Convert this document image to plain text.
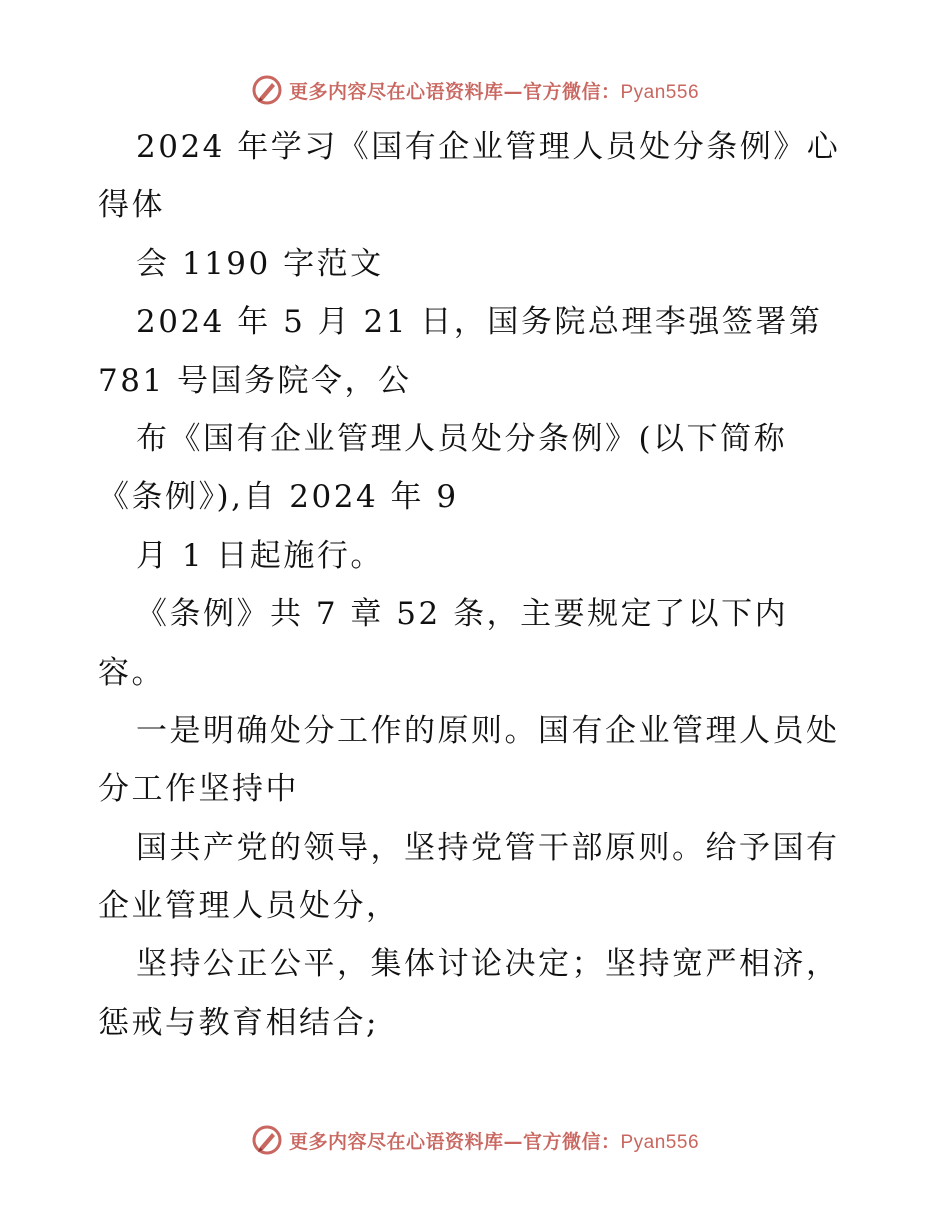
更多内容尽在心语资料库—官方微信：Pyan556
2024 年学习《国有企业管理人员处分条例》心
得体
会 1190 字范文
2024 年 5 月 21 日，国务院总理李强签署第
781 号国务院令，公
布《国有企业管理人员处分条例》(以下简称
《条例》),自 2024 年 9
月 1 日起施行。
《条例》共 7 章 52 条，主要规定了以下内
容。
一是明确处分工作的原则。国有企业管理人员处
分工作坚持中
国共产党的领导，坚持党管干部原则。给予国有
企业管理人员处分，
坚持公正公平，集体讨论决定；坚持宽严相济，
惩戒与教育相结合;
更多内容尽在心语资料库—官方微信：Pyan556
